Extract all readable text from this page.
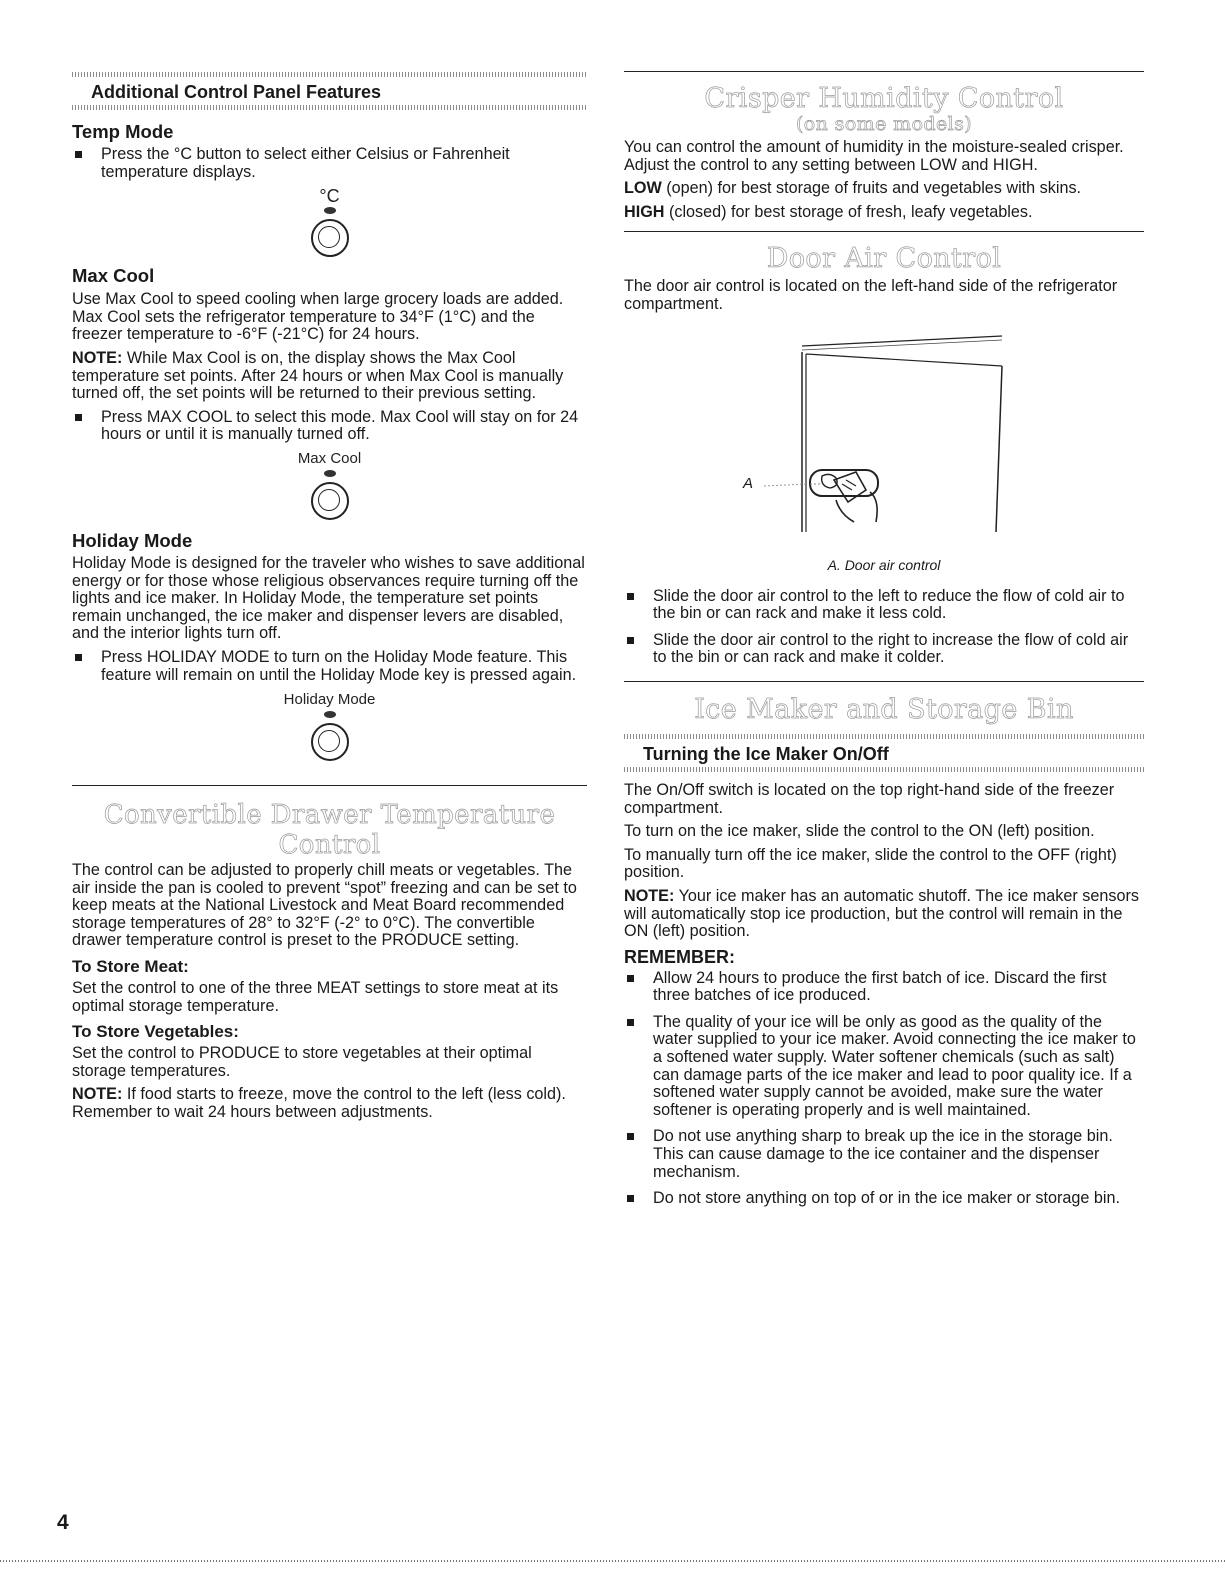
Additional Control Panel Features
Temp Mode

Press the °C button to select either Celsius or Fahrenheit temperature displays.

°C
Max Cool

Use Max Cool to speed cooling when large grocery loads are added. Max Cool sets the refrigerator temperature to 34°F (1°C) and the freezer temperature to -6°F (-21°C) for 24 hours.

NOTE: While Max Cool is on, the display shows the Max Cool temperature set points. After 24 hours or when Max Cool is manually turned off, the set points will be returned to their previous setting.

Press MAX COOL to select this mode. Max Cool will stay on for 24 hours or until it is manually turned off.

Max Cool
Holiday Mode

Holiday Mode is designed for the traveler who wishes to save additional energy or for those whose religious observances require turning off the lights and ice maker. In Holiday Mode, the temperature set points remain unchanged, the ice maker and dispenser levers are disabled, and the interior lights turn off.

Press HOLIDAY MODE to turn on the Holiday Mode feature. This feature will remain on until the Holiday Mode key is pressed again.

Holiday Mode
Convertible Drawer Temperature Control

The control can be adjusted to properly chill meats or vegetables. The air inside the pan is cooled to prevent “spot” freezing and can be set to keep meats at the National Livestock and Meat Board recommended storage temperatures of 28° to 32°F (-2° to 0°C). The convertible drawer temperature control is preset to the PRODUCE setting.

To Store Meat:

Set the control to one of the three MEAT settings to store meat at its optimal storage temperature.

To Store Vegetables:

Set the control to PRODUCE to store vegetables at their optimal storage temperatures.

NOTE: If food starts to freeze, move the control to the left (less cold). Remember to wait 24 hours between adjustments.

Crisper Humidity Control
(on some models)

You can control the amount of humidity in the moisture-sealed crisper. Adjust the control to any setting between LOW and HIGH.

LOW (open) for best storage of fruits and vegetables with skins.

HIGH (closed) for best storage of fresh, leafy vegetables.

Door Air Control

The door air control is located on the left-hand side of the refrigerator compartment.

A
A. Door air control

Slide the door air control to the left to reduce the flow of cold air to the bin or can rack and make it less cold.

Slide the door air control to the right to increase the flow of cold air to the bin or can rack and make it colder.

Ice Maker and Storage Bin
Turning the Ice Maker On/Off

The On/Off switch is located on the top right-hand side of the freezer compartment.

To turn on the ice maker, slide the control to the ON (left) position.

To manually turn off the ice maker, slide the control to the OFF (right) position.

NOTE: Your ice maker has an automatic shutoff. The ice maker sensors will automatically stop ice production, but the control will remain in the ON (left) position.

REMEMBER:

Allow 24 hours to produce the first batch of ice. Discard the first three batches of ice produced.

The quality of your ice will be only as good as the quality of the water supplied to your ice maker. Avoid connecting the ice maker to a softened water supply. Water softener chemicals (such as salt) can damage parts of the ice maker and lead to poor quality ice. If a softened water supply cannot be avoided, make sure the water softener is operating properly and is well maintained.

Do not use anything sharp to break up the ice in the storage bin. This can cause damage to the ice container and the dispenser mechanism.

Do not store anything on top of or in the ice maker or storage bin.

4
